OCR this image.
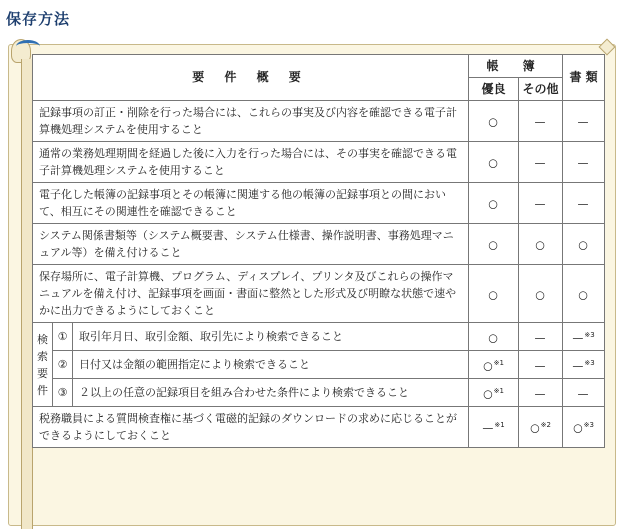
保存方法
要 件 概 要			帳 簿		書 類
			優良	その他	
記録事項の訂正・削除を行った場合には、これらの事実及び内容を確認できる電子計算機処理システムを使用すること			○	—	—
通常の業務処理期間を経過した後に入力を行った場合には、その事実を確認できる電子計算機処理システムを使用すること			○	—	—
電子化した帳簿の記録事項とその帳簿に関連する他の帳簿の記録事項との間において、相互にその関連性を確認できること			○	—	—
システム関係書類等（システム概要書、システム仕様書、操作説明書、事務処理マニュアル等）を備え付けること			○	○	○
保存場所に、電子計算機、プログラム、ディスプレイ、プリンタ及びこれらの操作マニュアルを備え付け、記録事項を画面・書面に整然とした形式及び明瞭な状態で速やかに出力できるようにしておくこと			○	○	○

検
索
要
件	①	取引年月日、取引金額、取引先により検索できること	○	—	—$^{※3}$
	②	日付又は金額の範囲指定により検索できること	○$^{※1}$	—	—$^{※3}$
	③	２以上の任意の記録項目を組み合わせた条件により検索できること	○$^{※1}$	—	—
税務職員による質問検査権に基づく電磁的記録のダウンロードの求めに応じることができるようにしておくこと			—$^{※1}$	○$^{※2}$	○$^{※3}$
